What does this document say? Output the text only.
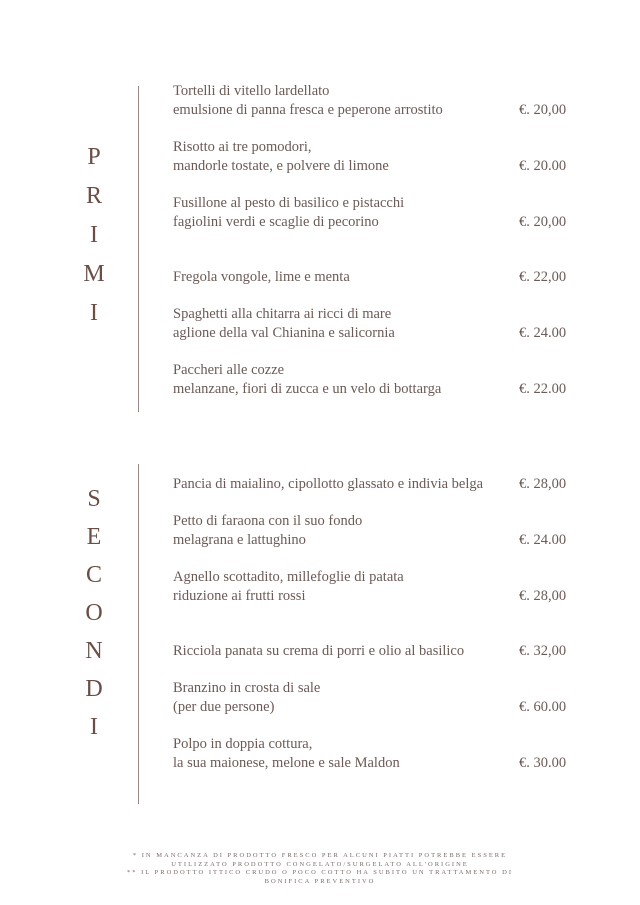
P
R
I
M
I
Tortelli di vitello lardellato
emulsione di panna fresca e peperone arrostito	€. 20,00
Risotto ai tre pomodori,
mandorle tostate, e polvere di limone	€. 20.00
Fusillone al pesto di basilico e pistacchi
fagiolini verdi e scaglie di pecorino	€. 20,00
Fregola vongole, lime e menta	€. 22,00
Spaghetti alla chitarra ai ricci di mare
aglione della val Chianina e salicornia	€. 24.00
Paccheri alle cozze
melanzane, fiori di zucca e un velo di bottarga	€. 22.00
S
E
C
O
N
D
I
Pancia di maialino, cipollotto glassato e indivia belga	€. 28,00
Petto di faraona con il suo fondo
melagrana e lattughino	€. 24.00
Agnello scottadito, millefoglie di patata
riduzione ai frutti rossi	€. 28,00
Ricciola panata su crema di porri e olio al basilico	€. 32,00
Branzino in crosta di sale
(per due persone)	€. 60.00
Polpo in doppia cottura,
la sua maionese, melone e sale Maldon	€. 30.00
* IN MANCANZA DI PRODOTTO FRESCO PER ALCUNI PIATTI POTREBBE ESSERE
UTILIZZATO PRODOTTO CONGELATO/SURGELATO ALL'ORIGINE
** IL PRODOTTO ITTICO CRUDO O POCO COTTO HA SUBITO UN TRATTAMENTO DI
BONIFICA PREVENTIVO
